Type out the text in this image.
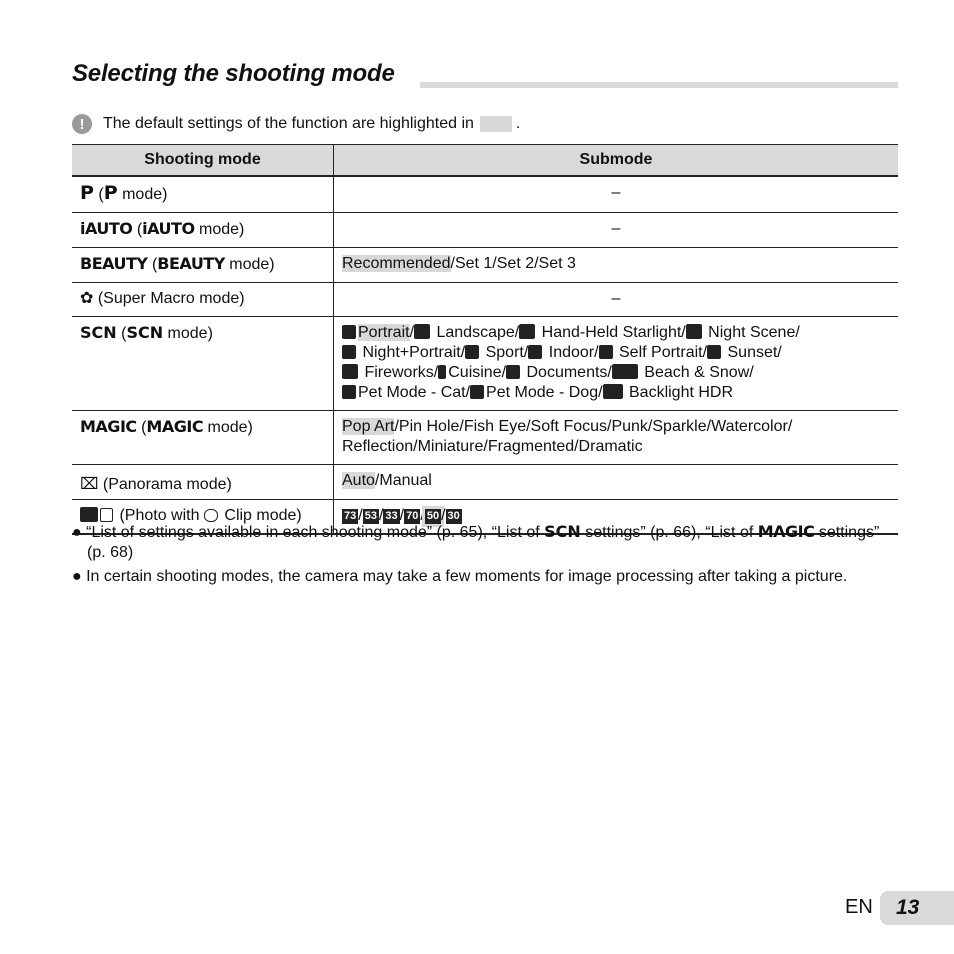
Selecting the shooting mode
!	The default settings of the function are highlighted in	.
Shooting mode	Submode
P (P mode)	–
iAUTO (iAUTO mode)	–
BEAUTY (BEAUTY mode)	Recommended/Set 1/Set 2/Set 3
✿ (Super Macro mode)	–
SCN (SCN mode)	Portrait/ Landscape/ Hand-Held Starlight/ Night Scene/
Night+Portrait/ Sport/ Indoor/ Self Portrait/ Sunset/
Fireworks/ Cuisine/ Documents/ Beach & Snow/
Pet Mode - Cat/ Pet Mode - Dog/ Backlight HDR
MAGIC (MAGIC mode)	Pop Art/Pin Hole/Fish Eye/Soft Focus/Punk/Sparkle/Watercolor/
Reflection/Miniature/Fragmented/Dramatic
⌧ (Panorama mode)	Auto/Manual
(Photo with  Clip mode)	73 / 53 / 33 / 70 / 50 / 30

● “List of settings available in each shooting mode” (p. 65), “List of SCN settings” (p. 66), “List of MAGIC settings” (p. 68)

● In certain shooting modes, the camera may take a few moments for image processing after taking a picture.

EN	13
